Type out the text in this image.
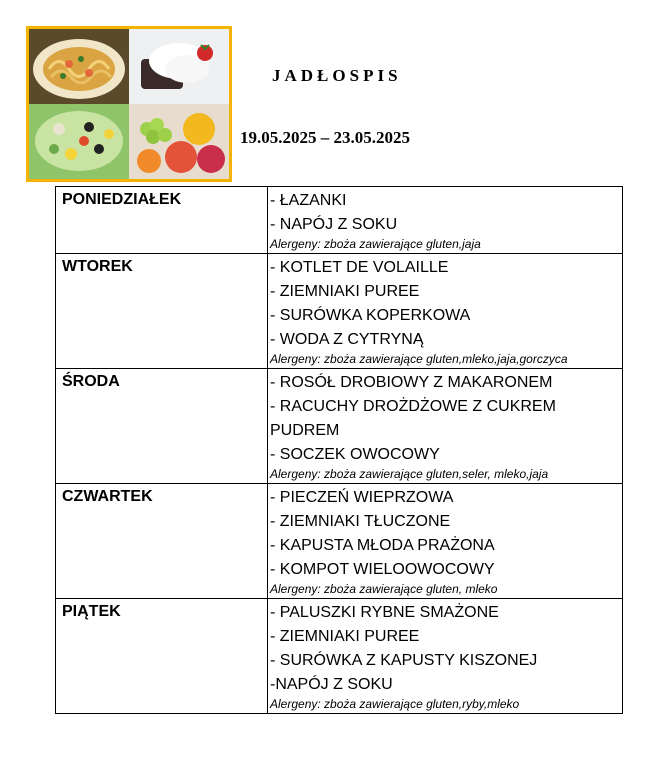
JADŁOSPIS
19.05.2025 – 23.05.2025
PONIEDZIAŁEK	- ŁAZANKI
- NAPÓJ Z SOKU
Alergeny: zboża zawierające gluten,jaja

WTOREK	- KOTLET DE VOLAILLE
- ZIEMNIAKI PUREE
- SURÓWKA KOPERKOWA
- WODA Z CYTRYNĄ
Alergeny: zboża zawierające gluten,mleko,jaja,gorczyca

ŚRODA	- ROSÓŁ DROBIOWY Z MAKARONEM
- RACUCHY DROŻDŻOWE Z CUKREM PUDREM
- SOCZEK OWOCOWY
Alergeny: zboża zawierające gluten,seler, mleko,jaja

CZWARTEK	- PIECZEŃ WIEPRZOWA
- ZIEMNIAKI TŁUCZONE
- KAPUSTA MŁODA PRAŻONA
- KOMPOT WIELOOWOCOWY
Alergeny: zboża zawierające gluten, mleko

PIĄTEK	- PALUSZKI RYBNE SMAŻONE
- ZIEMNIAKI PUREE
- SURÓWKA Z KAPUSTY KISZONEJ
-NAPÓJ Z SOKU
Alergeny: zboża zawierające gluten,ryby,mleko
